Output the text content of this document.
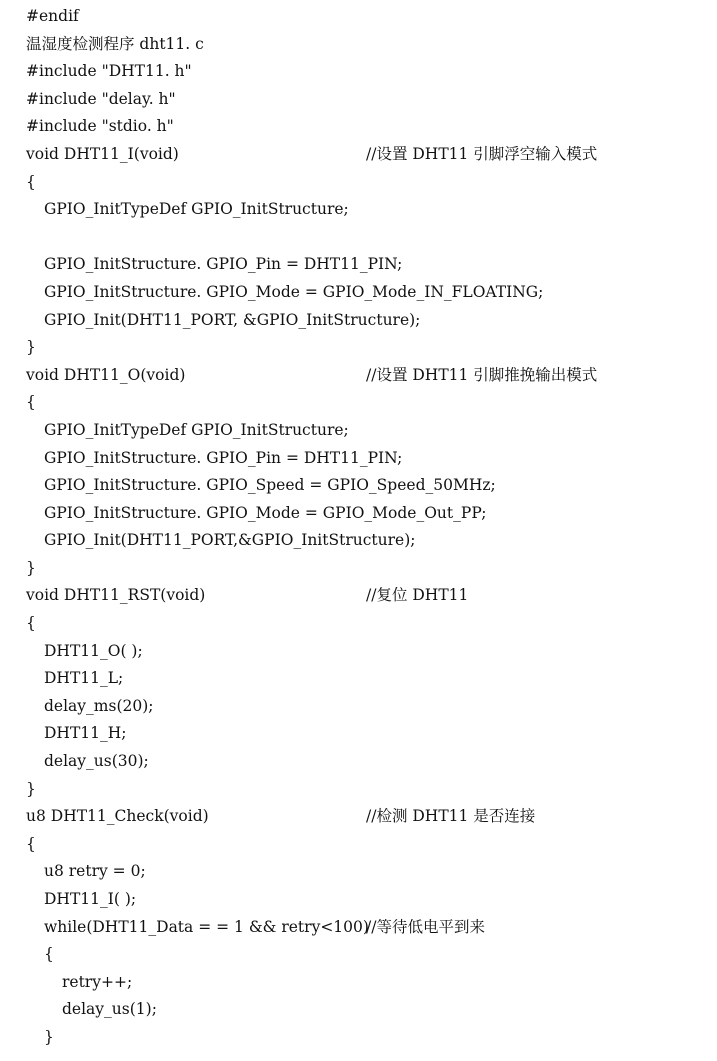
#endif
温湿度检测程序 dht11. c
#include "DHT11. h"
#include "delay. h"
#include "stdio. h"
void DHT11_I(void)	//设置 DHT11 引脚浮空输入模式
{
GPIO_InitTypeDef GPIO_InitStructure;
GPIO_InitStructure. GPIO_Pin = DHT11_PIN;
GPIO_InitStructure. GPIO_Mode = GPIO_Mode_IN_FLOATING;
GPIO_Init(DHT11_PORT, &GPIO_InitStructure);
}
void DHT11_O(void)	//设置 DHT11 引脚推挽输出模式
{
GPIO_InitTypeDef GPIO_InitStructure;
GPIO_InitStructure. GPIO_Pin = DHT11_PIN;
GPIO_InitStructure. GPIO_Speed = GPIO_Speed_50MHz;
GPIO_InitStructure. GPIO_Mode = GPIO_Mode_Out_PP;
GPIO_Init(DHT11_PORT,&GPIO_InitStructure);
}
void DHT11_RST(void)	//复位 DHT11
{
DHT11_O( );
DHT11_L;
delay_ms(20);
DHT11_H;
delay_us(30);
}
u8 DHT11_Check(void)	//检测 DHT11 是否连接
{
u8 retry = 0;
DHT11_I( );
while(DHT11_Data = = 1 && retry<100)
//等待低电平到来
{
retry++;
delay_us(1);
}
